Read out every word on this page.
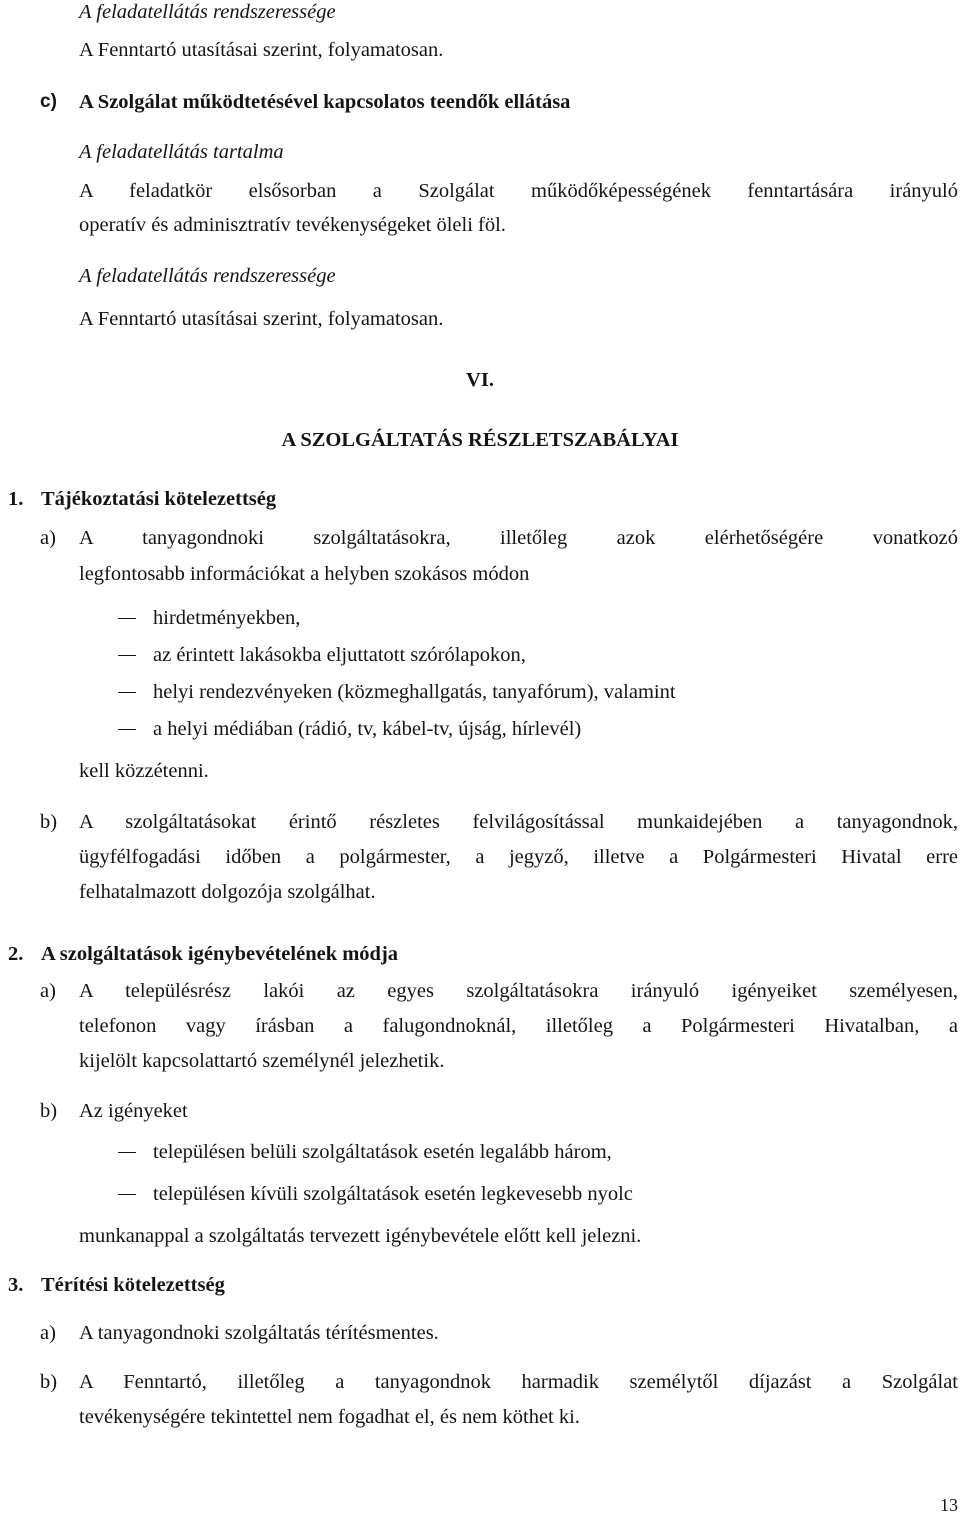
A feladatellátás rendszeressége
A Fenntartó utasításai szerint, folyamatosan.
c) A Szolgálat működtetésével kapcsolatos teendők ellátása
A feladatellátás tartalma
A feladatkör elsősorban a Szolgálat működőképességének fenntartására irányuló
operatív és adminisztratív tevékenységeket öleli föl.
A feladatellátás rendszeressége
A Fenntartó utasításai szerint, folyamatosan.
VI.
A SZOLGÁLTATÁS RÉSZLETSZABÁLYAI
1. Tájékoztatási kötelezettség
a) A tanyagondnoki szolgáltatásokra, illetőleg azok elérhetőségére vonatkozó
legfontosabb információkat a helyben szokásos módon
hirdetményekben,
az érintett lakásokba eljuttatott szórólapokon,
helyi rendezvényeken (közmeghallgatás, tanyafórum), valamint
a helyi médiában (rádió, tv, kábel-tv, újság, hírlevél)
kell közzétenni.
b) A szolgáltatásokat érintő részletes felvilágosítással munkaidejében a tanyagondnok,
ügyfélfogadási időben a polgármester, a jegyző, illetve a Polgármesteri Hivatal erre
felhatalmazott dolgozója szolgálhat.
2. A szolgáltatások igénybevételének módja
a) A településrész lakói az egyes szolgáltatásokra irányuló igényeiket személyesen,
telefonon vagy írásban a falugondnoknál, illetőleg a Polgármesteri Hivatalban, a
kijelölt kapcsolattartó személynél jelezhetik.
b) Az igényeket
településen belüli szolgáltatások esetén legalább három,
településen kívüli szolgáltatások esetén legkevesebb nyolc
munkanappal a szolgáltatás tervezett igénybevétele előtt kell jelezni.
3. Térítési kötelezettség
a) A tanyagondnoki szolgáltatás térítésmentes.
b) A Fenntartó, illetőleg a tanyagondnok harmadik személytől díjazást a Szolgálat
tevékenységére tekintettel nem fogadhat el, és nem köthet ki.
13
